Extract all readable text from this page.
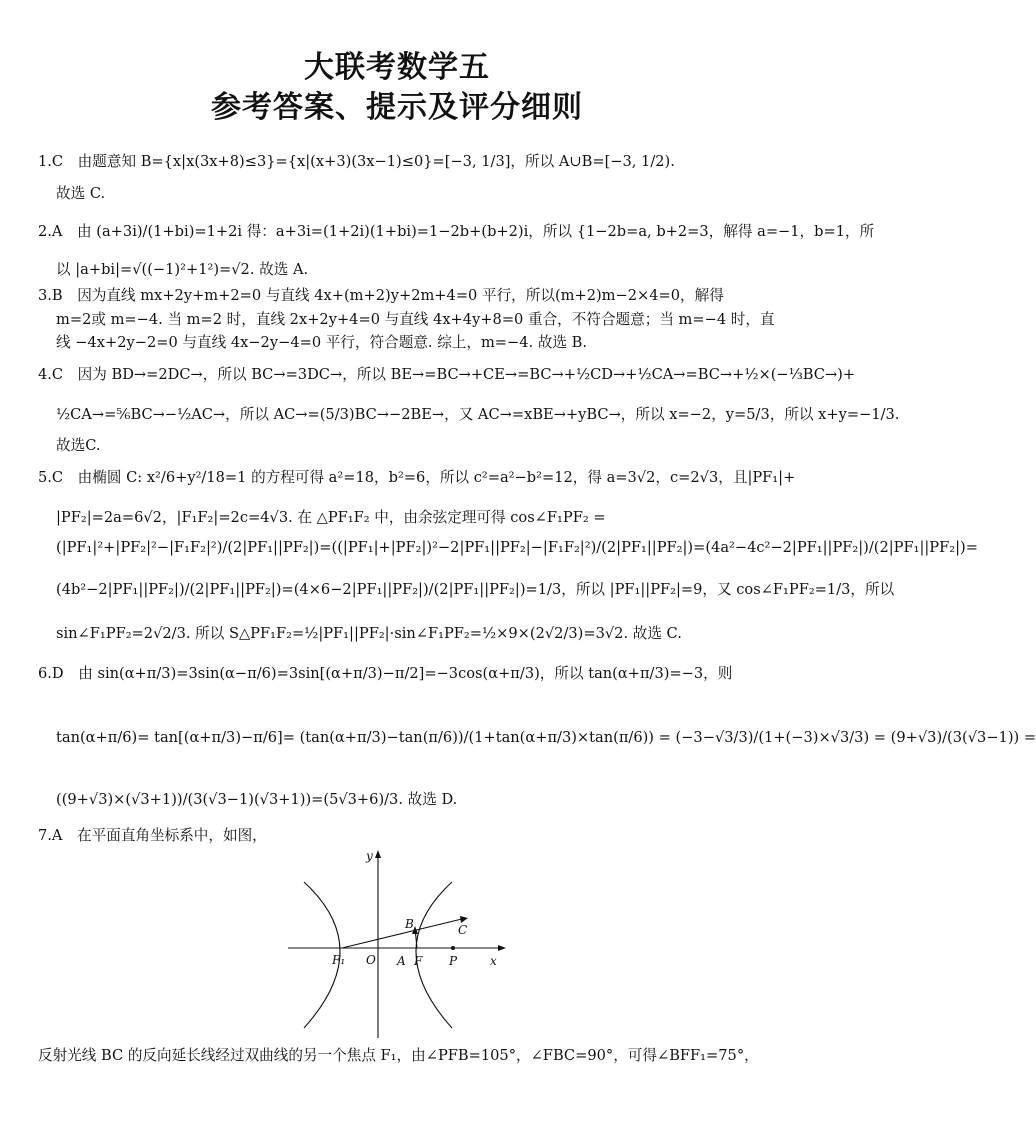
大联考数学五
参考答案、提示及评分细则
1.C　由题意知 B={x|x(3x+8)≤3}={x|(x+3)(3x−1)≤0}=[−3, 1/3]，所以 A∪B=[−3, 1/2).
故选 C.
2.A　由 (a+3i)/(1+bi)=1+2i 得：a+3i=(1+2i)(1+bi)=1−2b+(b+2)i，所以 {1−2b=a, b+2=3，解得 a=−1，b=1，所
以 |a+bi|=√((−1)²+1²)=√2. 故选 A.
3.B　因为直线 mx+2y+m+2=0 与直线 4x+(m+2)y+2m+4=0 平行，所以(m+2)m−2×4=0，解得
m=2或 m=−4. 当 m=2 时，直线 2x+2y+4=0 与直线 4x+4y+8=0 重合，不符合题意；当 m=−4 时，直
线 −4x+2y−2=0 与直线 4x−2y−4=0 平行，符合题意. 综上，m=−4. 故选 B.
4.C　因为 BD→=2DC→，所以 BC→=3DC→，所以 BE→=BC→+CE→=BC→+½CD→+½CA→=BC→+½×(−⅓BC→)+
½CA→=⅚BC→−½AC→，所以 AC→=(5/3)BC→−2BE→，又 AC→=xBE→+yBC→，所以 x=−2，y=5/3，所以 x+y=−1/3.
故选C.
5.C　由椭圆 C: x²/6+y²/18=1 的方程可得 a²=18，b²=6，所以 c²=a²−b²=12，得 a=3√2，c=2√3，且|PF₁|+
|PF₂|=2a=6√2，|F₁F₂|=2c=4√3. 在 △PF₁F₂ 中，由余弦定理可得 cos∠F₁PF₂ =
(|PF₁|²+|PF₂|²−|F₁F₂|²)/(2|PF₁||PF₂|)=((|PF₁|+|PF₂|)²−2|PF₁||PF₂|−|F₁F₂|²)/(2|PF₁||PF₂|)=(4a²−4c²−2|PF₁||PF₂|)/(2|PF₁||PF₂|)=
(4b²−2|PF₁||PF₂|)/(2|PF₁||PF₂|)=(4×6−2|PF₁||PF₂|)/(2|PF₁||PF₂|)=1/3，所以 |PF₁||PF₂|=9，又 cos∠F₁PF₂=1/3，所以
sin∠F₁PF₂=2√2/3. 所以 S△PF₁F₂=½|PF₁||PF₂|·sin∠F₁PF₂=½×9×(2√2/3)=3√2. 故选 C.
6.D　由 sin(α+π/3)=3sin(α−π/6)=3sin[(α+π/3)−π/2]=−3cos(α+π/3)，所以 tan(α+π/3)=−3，则
tan(α+π/6)= tan[(α+π/3)−π/6]= (tan(α+π/3)−tan(π/6))/(1+tan(α+π/3)×tan(π/6)) = (−3−√3/3)/(1+(−3)×√3/3) = (9+√3)/(3(√3−1)) =
((9+√3)×(√3+1))/(3(√3−1)(√3+1))=(5√3+6)/3. 故选 D.
7.A　在平面直角坐标系中，如图，
y
x
O
F₁	A F P
B	C
反射光线 BC 的反向延长线经过双曲线的另一个焦点 F₁，由∠PFB=105°，∠FBC=90°，可得∠BFF₁=75°，
